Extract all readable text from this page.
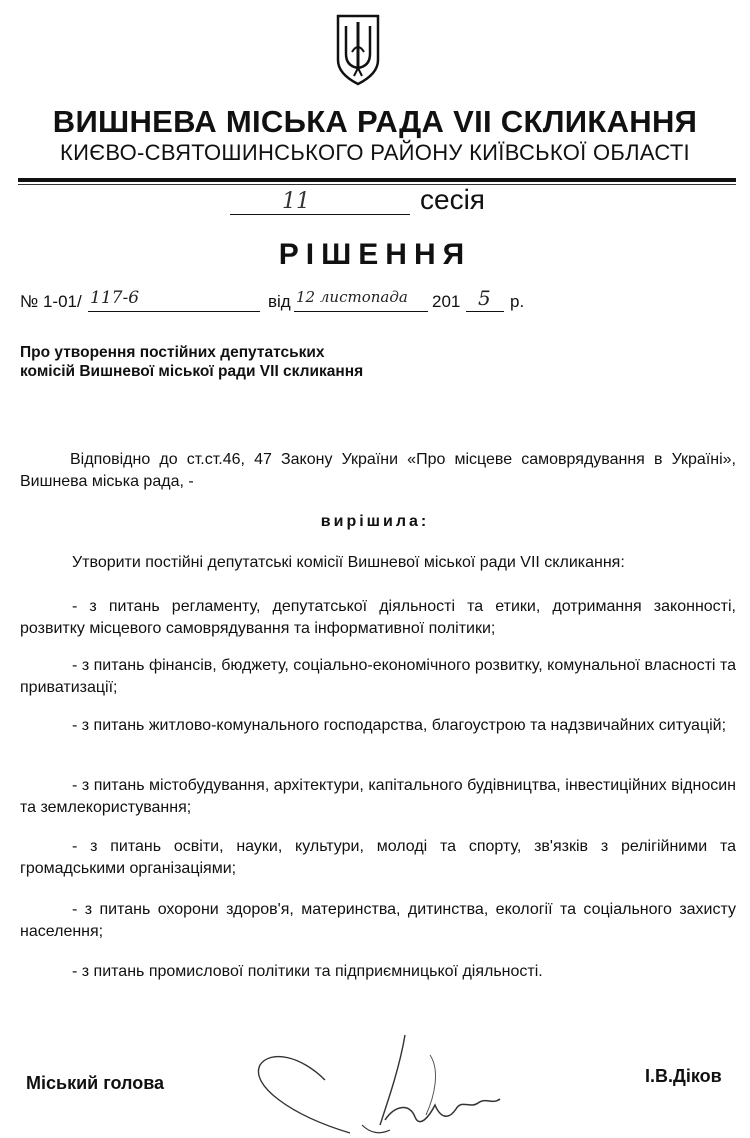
ВИШНЕВА МІСЬКА РАДА VII СКЛИКАННЯ
КИЄВО-СВЯТОШИНСЬКОГО РАЙОНУ КИЇВСЬКОЇ ОБЛАСТІ
11	сесія
РІШЕННЯ
№ 1-01/ 117-6	від 12 листопада 201 5 р.
Про утворення постійних депутатських
комісій Вишневої міської ради VII скликання
Відповідно до ст.ст.46, 47 Закону України «Про місцеве самоврядування в Україні», Вишнева міська рада, -
вирішила:
Утворити постійні депутатські комісії Вишневої міської ради VII скликання:
- з питань регламенту, депутатської діяльності та етики, дотримання законності, розвитку місцевого самоврядування та інформативної політики;
- з питань фінансів, бюджету, соціально-економічного розвитку, комунальної власності та приватизації;
- з питань житлово-комунального господарства, благоустрою та надзвичайних ситуацій;
- з питань містобудування, архітектури, капітального будівництва, інвестиційних відносин та землекористування;
- з питань освіти, науки, культури, молоді та спорту, зв'язків з релігійними та громадськими організаціями;
- з питань охорони здоров'я, материнства, дитинства, екології та соціального захисту населення;
- з питань промислової політики та підприємницької діяльності.
Міський голова	І.В.Діков
